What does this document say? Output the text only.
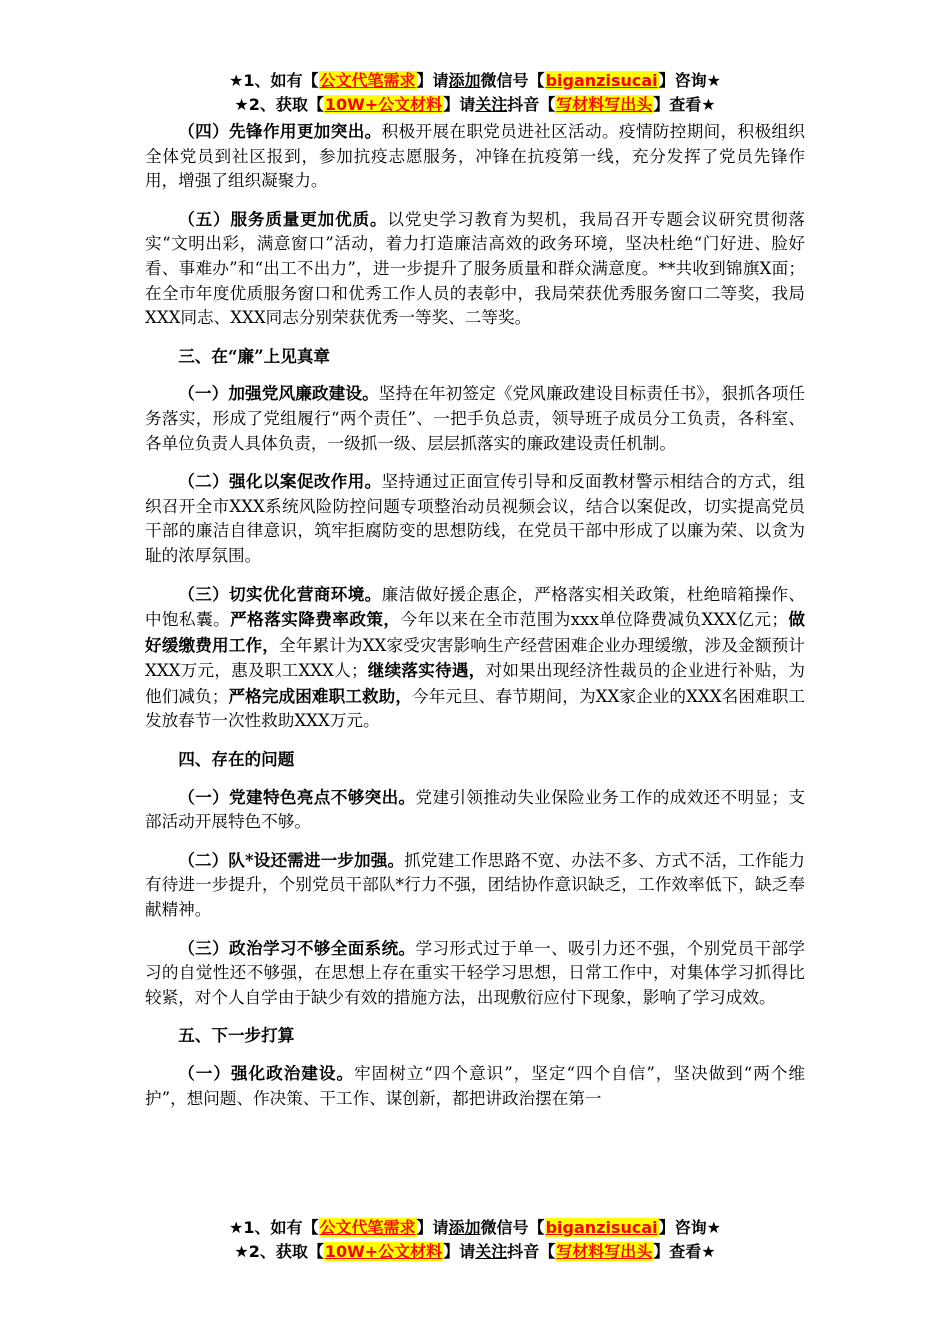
★1、如有【公文代笔需求】请添加微信号【biganzisucai】咨询★
★2、获取【10W+公文材料】请关注抖音【写材料写出头】查看★

（四）先锋作用更加突出。积极开展在职党员进社区活动。疫情防控期间，积极组织全体党员到社区报到，参加抗疫志愿服务，冲锋在抗疫第一线，充分发挥了党员先锋作用，增强了组织凝聚力。

（五）服务质量更加优质。以党史学习教育为契机，我局召开专题会议研究贯彻落实“文明出彩，满意窗口”活动，着力打造廉洁高效的政务环境，坚决杜绝“门好进、脸好看、事难办”和“出工不出力”，进一步提升了服务质量和群众满意度。**共收到锦旗X面；在全市年度优质服务窗口和优秀工作人员的表彰中，我局荣获优秀服务窗口二等奖，我局XXX同志、XXX同志分别荣获优秀一等奖、二等奖。

三、在“廉”上见真章

（一）加强党风廉政建设。坚持在年初签定《党风廉政建设目标责任书》，狠抓各项任务落实，形成了党组履行“两个责任”、一把手负总责，领导班子成员分工负责，各科室、各单位负责人具体负责，一级抓一级、层层抓落实的廉政建设责任机制。

（二）强化以案促改作用。坚持通过正面宣传引导和反面教材警示相结合的方式，组织召开全市XXX系统风险防控问题专项整治动员视频会议，结合以案促改，切实提高党员干部的廉洁自律意识，筑牢拒腐防变的思想防线，在党员干部中形成了以廉为荣、以贪为耻的浓厚氛围。

（三）切实优化营商环境。廉洁做好援企惠企，严格落实相关政策，杜绝暗箱操作、中饱私囊。严格落实降费率政策，今年以来在全市范围为xxx单位降费减负XXX亿元；做好缓缴费用工作，全年累计为XX家受灾害影响生产经营困难企业办理缓缴，涉及金额预计XXX万元，惠及职工XXX人；继续落实待遇，对如果出现经济性裁员的企业进行补贴，为他们减负；严格完成困难职工救助，今年元旦、春节期间，为XX家企业的XXX名困难职工发放春节一次性救助XXX万元。

四、存在的问题

（一）党建特色亮点不够突出。党建引领推动失业保险业务工作的成效还不明显；支部活动开展特色不够。

（二）队*设还需进一步加强。抓党建工作思路不宽、办法不多、方式不活，工作能力有待进一步提升，个别党员干部队*行力不强，团结协作意识缺乏，工作效率低下，缺乏奉献精神。

（三）政治学习不够全面系统。学习形式过于单一、吸引力还不强，个别党员干部学习的自觉性还不够强，在思想上存在重实干轻学习思想，日常工作中，对集体学习抓得比较紧，对个人自学由于缺少有效的措施方法，出现敷衍应付下现象，影响了学习成效。

五、下一步打算

（一）强化政治建设。牢固树立“四个意识”，坚定“四个自信”，坚决做到“两个维护”，想问题、作决策、干工作、谋创新，都把讲政治摆在第一

★1、如有【公文代笔需求】请添加微信号【biganzisucai】咨询★
★2、获取【10W+公文材料】请关注抖音【写材料写出头】查看★
